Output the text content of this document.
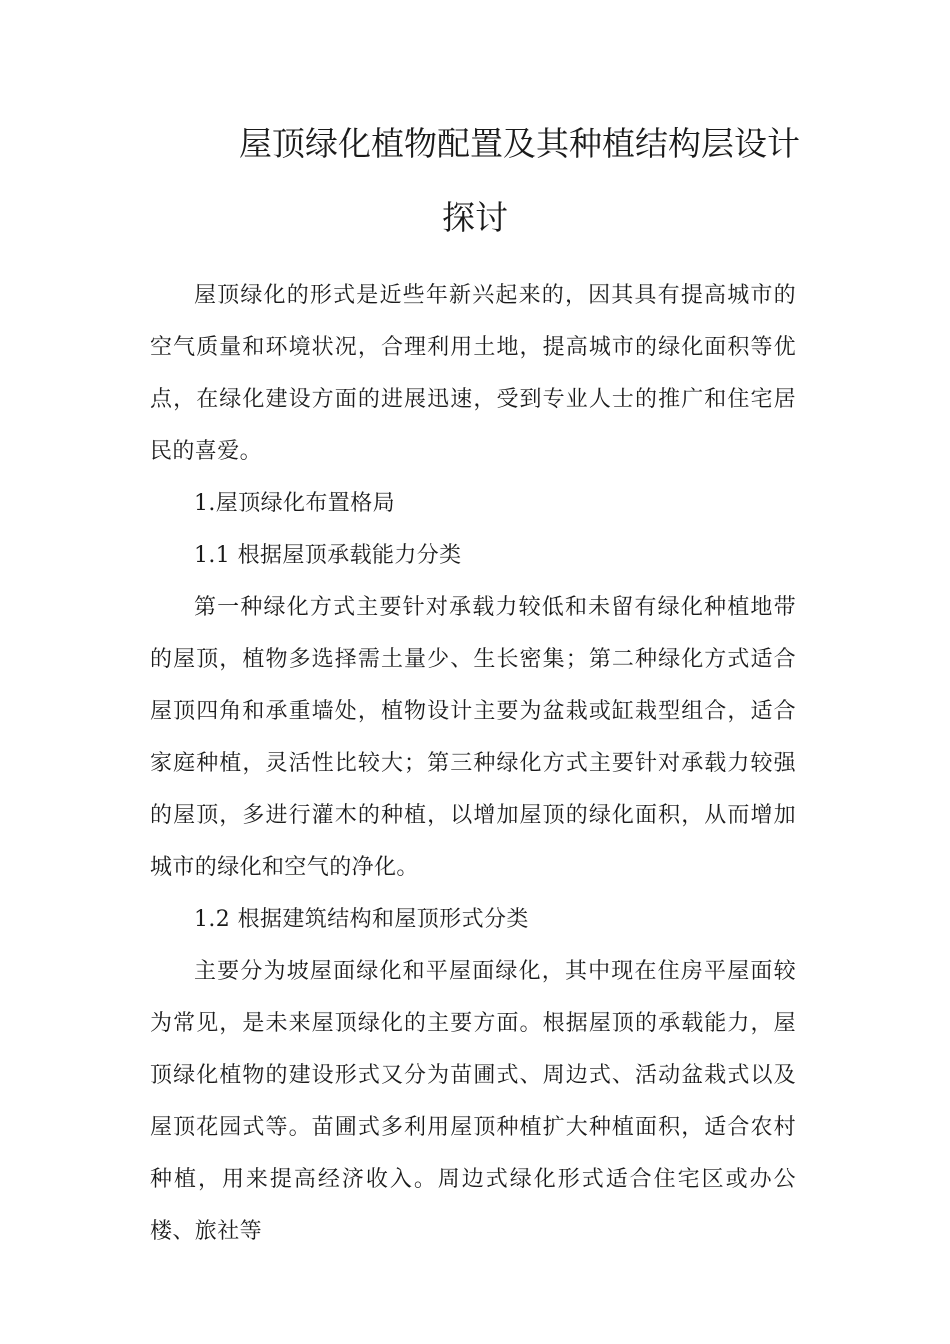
屋顶绿化植物配置及其种植结构层设计
探讨

屋顶绿化的形式是近些年新兴起来的，因其具有提高城市的空气质量和环境状况，合理利用土地，提高城市的绿化面积等优点，在绿化建设方面的进展迅速，受到专业人士的推广和住宅居民的喜爱。

1.屋顶绿化布置格局

1.1 根据屋顶承载能力分类

第一种绿化方式主要针对承载力较低和未留有绿化种植地带的屋顶，植物多选择需土量少、生长密集；第二种绿化方式适合屋顶四角和承重墙处，植物设计主要为盆栽或缸栽型组合，适合家庭种植，灵活性比较大；第三种绿化方式主要针对承载力较强的屋顶，多进行灌木的种植，以增加屋顶的绿化面积，从而增加城市的绿化和空气的净化。

1.2 根据建筑结构和屋顶形式分类

主要分为坡屋面绿化和平屋面绿化，其中现在住房平屋面较为常见，是未来屋顶绿化的主要方面。根据屋顶的承载能力，屋顶绿化植物的建设形式又分为苗圃式、周边式、活动盆栽式以及屋顶花园式等。苗圃式多利用屋顶种植扩大种植面积，适合农村种植，用来提高经济收入。周边式绿化形式适合住宅区或办公楼、旅社等
